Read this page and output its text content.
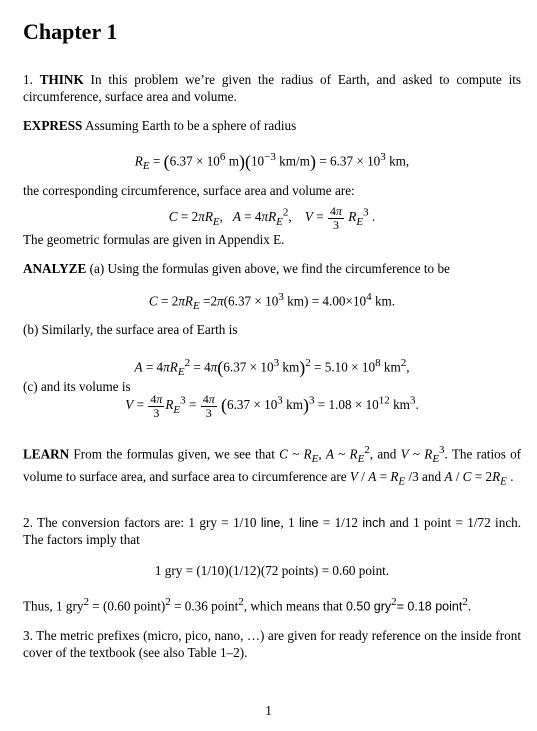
Chapter 1

1. THINK In this problem we’re given the radius of Earth, and asked to compute its circumference, surface area and volume.

EXPRESS Assuming Earth to be a sphere of radius

$R_E = (6.37 \times 10^6$ $m)(10^{-3}$ $km/m) = 6.37 \times 10^3$ km,

the corresponding circumference, surface area and volume are:

$C = 2\pi R_E$,   $A = 4\pi R_E^2$,    $V = \frac{4\pi}{3} R_E^3$ .

The geometric formulas are given in Appendix E.

ANALYZE (a) Using the formulas given above, we find the circumference to be

$C = 2\pi R_E =2\pi(6.37 \times 10^3$ $km) = 4.00\times 10^4$ km.

(b) Similarly, the surface area of Earth is

$A = 4\pi R_E^2 = 4\pi(6.37 \times 10^3$ $km)^2 = 5.10 \times 10^8$ $km^2$,

(c) and its volume is

$V = \frac{4\pi}{3} R_E^3 = \frac{4\pi}{3} (6.37 \times 10^3$ $km)^3 = 1.08 \times 10^{12}$ $km^3$.

LEARN From the formulas given, we see that C ~ $R_E$, A ~ $R_E^2$, and V ~ $R_E^3$. The ratios of volume to surface area, and surface area to circumference are $V / A = R_E$ /3 and $A / C = 2R_E$ .

2. The conversion factors are: 1 gry = 1/10 line, 1 line = 1/12 inch and 1 point = 1/72 inch. The factors imply that

1 gry = (1/10)(1/12)(72 points) = 0.60 point.

Thus, 1 gry$^2$ = (0.60 point)$^2$ = 0.36 point$^2$, which means that 0.50 gry$^2$= 0.18 point$^2$.

3. The metric prefixes (micro, pico, nano, …) are given for ready reference on the inside front cover of the textbook (see also Table 1–2).

1
